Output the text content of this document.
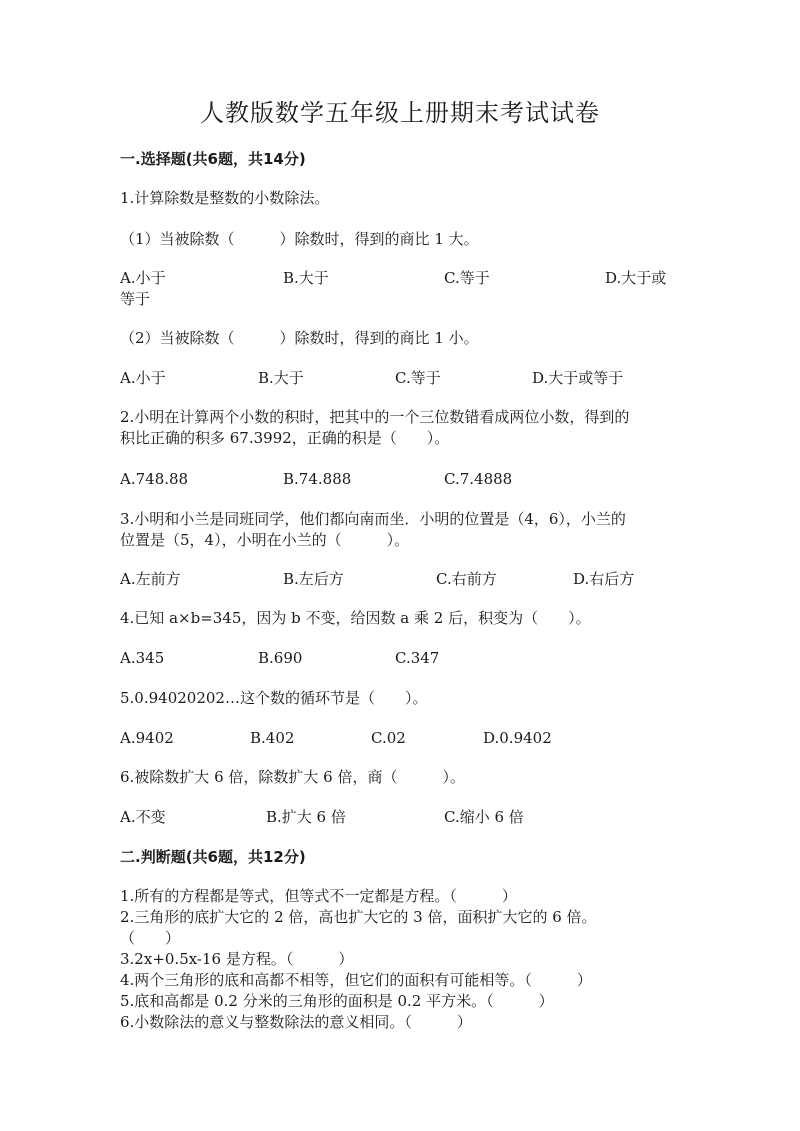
人教版数学五年级上册期末考试试卷
一.选择题(共6题，共14分)
1.计算除数是整数的小数除法。
（1）当被除数（　　　）除数时，得到的商比 1 大。
A.小于	B.大于	C.等于	D.大于或
等于
（2）当被除数（　　　）除数时，得到的商比 1 小。
A.小于	B.大于	C.等于	D.大于或等于
2.小明在计算两个小数的积时，把其中的一个三位数错看成两位小数，得到的
积比正确的积多 67.3992，正确的积是（　　）。
A.748.88	B.74.888	C.7.4888
3.小明和小兰是同班同学，他们都向南而坐．小明的位置是（4，6），小兰的
位置是（5，4），小明在小兰的（　　　）。
A.左前方	B.左后方	C.右前方	D.右后方
4.已知 a×b=345，因为 b 不变，给因数 a 乘 2 后，积变为（　　）。
A.345	B.690	C.347
5.0.94020202…这个数的循环节是（　　）。
A.9402	B.402	C.02	D.0.9402
6.被除数扩大 6 倍，除数扩大 6 倍，商（　　　）。
A.不变	B.扩大 6 倍	C.缩小 6 倍
二.判断题(共6题，共12分)
1.所有的方程都是等式，但等式不一定都是方程。（　　　）
2.三角形的底扩大它的 2 倍，高也扩大它的 3 倍，面积扩大它的 6 倍。
（　　）
3.2x+0.5x-16 是方程。（　　　）
4.两个三角形的底和高都不相等，但它们的面积有可能相等。（　　　）
5.底和高都是 0.2 分米的三角形的面积是 0.2 平方米。（　　　）
6.小数除法的意义与整数除法的意义相同。（　　　）
